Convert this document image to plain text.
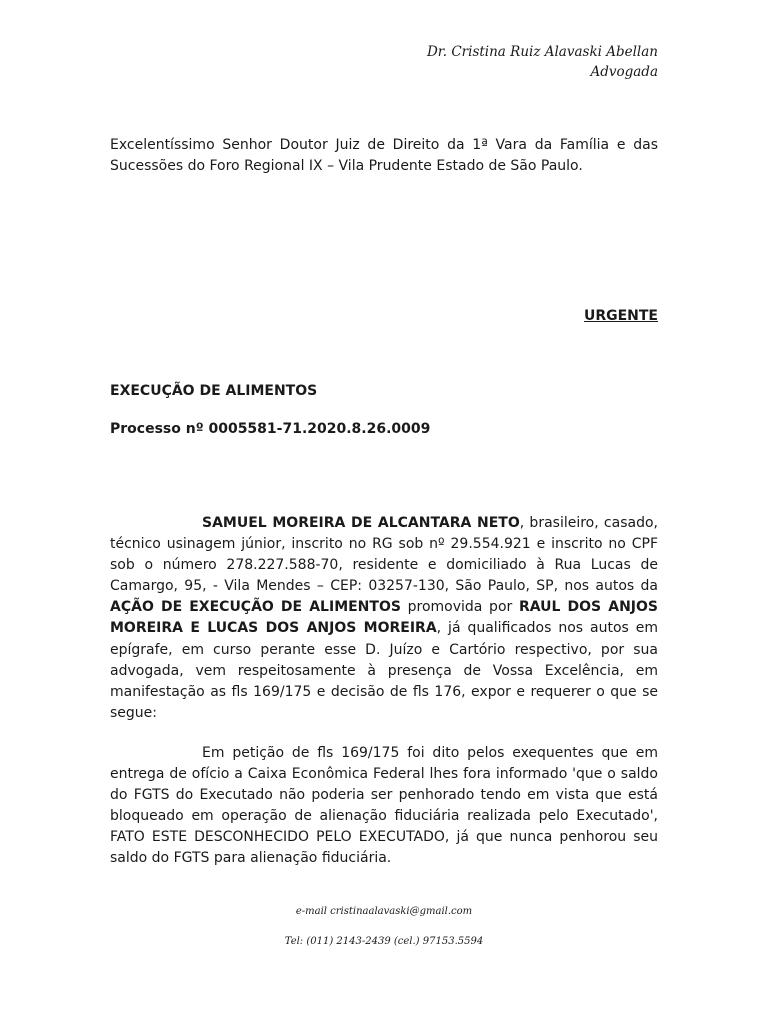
Dr. Cristina Ruiz Alavaski Abellan
Advogada
Excelentíssimo Senhor Doutor Juiz de Direito da 1ª Vara da Família e das Sucessões do Foro Regional IX – Vila Prudente Estado de São Paulo.
URGENTE
EXECUÇÃO DE ALIMENTOS
Processo nº 0005581-71.2020.8.26.0009

SAMUEL MOREIRA DE ALCANTARA NETO, brasileiro, casado, técnico usinagem júnior, inscrito no RG sob nº 29.554.921 e inscrito no CPF sob o número 278.227.588-70, residente e domiciliado à Rua Lucas de Camargo, 95, - Vila Mendes – CEP: 03257-130, São Paulo, SP, nos autos da AÇÃO DE EXECUÇÃO DE ALIMENTOS promovida por RAUL DOS ANJOS MOREIRA E LUCAS DOS ANJOS MOREIRA, já qualificados nos autos em epígrafe, em curso perante esse D. Juízo e Cartório respectivo, por sua advogada, vem respeitosamente à presença de Vossa Excelência, em manifestação as fls 169/175 e decisão de fls 176, expor e requerer o que se segue:

Em petição de fls 169/175 foi dito pelos exequentes que em entrega de ofício a Caixa Econômica Federal lhes fora informado 'que o saldo do FGTS do Executado não poderia ser penhorado tendo em vista que está bloqueado em operação de alienação fiduciária realizada pelo Executado', FATO ESTE DESCONHECIDO PELO EXECUTADO, já que nunca penhorou seu saldo do FGTS para alienação fiduciária.

e-mail cristinaalavaski@gmail.com
Tel: (011) 2143-2439 (cel.) 97153.5594
